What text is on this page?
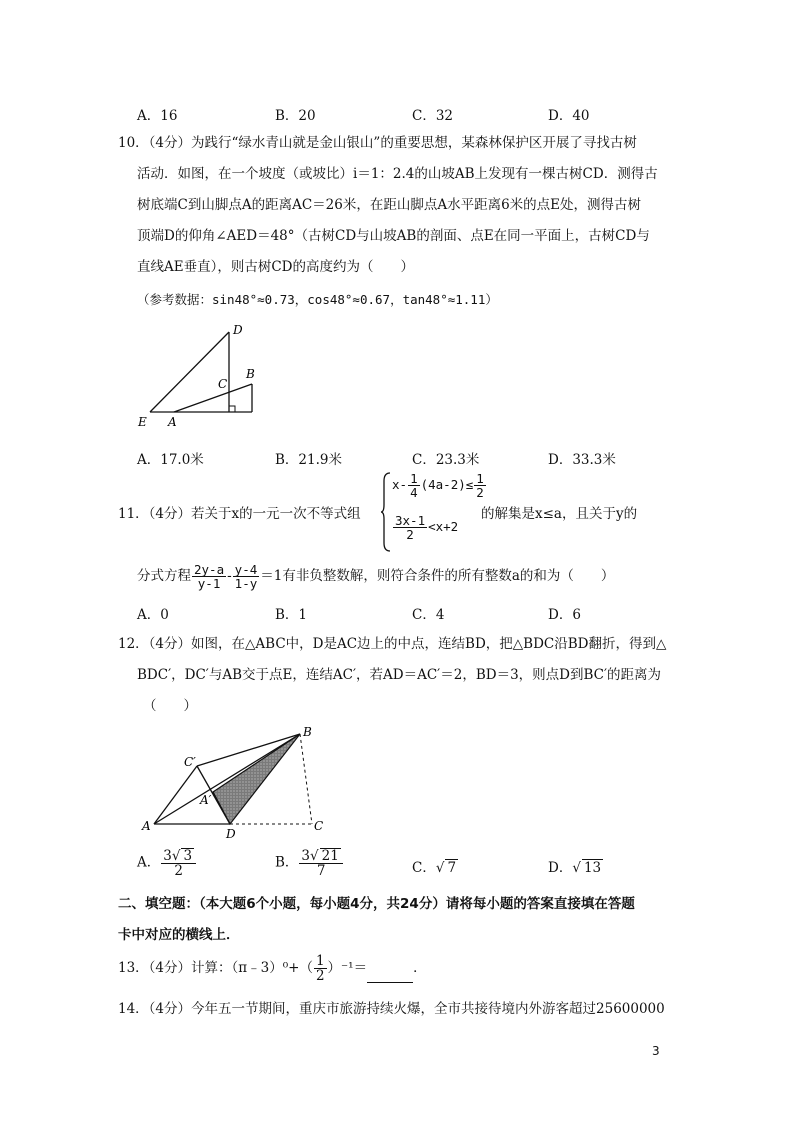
A．16	B．20	C．32	D．40
10．（4分）为践行“绿水青山就是金山银山”的重要思想，某森林保护区开展了寻找古树
活动．如图，在一个坡度（或坡比）i＝1：2.4的山坡AB上发现有一棵古树CD．测得古
树底端C到山脚点A的距离AC＝26米，在距山脚点A水平距离6米的点E处，测得古树
顶端D的仰角∠AED＝48°（古树CD与山坡AB的剖面、点E在同一平面上，古树CD与
直线AE垂直），则古树CD的高度约为（　　）
（参考数据：sin48°≈0.73，cos48°≈0.67，tan48°≈1.11）
D
C
B
E A
A．17.0米	B．21.9米	C．23.3米	D．33.3米
11．（4分）若关于x的一元一次不等式组
$x- \frac{1}{4} (4a-2)\le \frac{1}{2}$
$\frac{3x-1}{2} <x+2$
的解集是x≤a，且关于y的
分式方程 $\frac{2y-a}{y-1} - \frac{y-4}{1-y} =1$有非负整数解，则符合条件的所有整数a的和为（　　）
A．0	B．1	C．4	D．6
12．（4分）如图，在△ABC中，D是AC边上的中点，连结BD，把△BDC沿BD翻折，得到△
BDC′，DC′与AB交于点E，连结AC′，若AD＝AC′＝2，BD＝3，则点D到BC′的距离为
（　　）
B
C′
A′
A
D
C
A． $\frac{3√ 3}{2}$	B． $\frac{3√ 21}{7}$	C．√ 7	D．√ 13
二、填空题：（本大题6个小题，每小题4分，共24分）请将每小题的答案直接填在答题
卡中对应的横线上．
13．（4分）计算：（π﹣3）⁰+（ $\frac{1}{2} )^{-1}=$	．
14．（4分）今年五一节期间，重庆市旅游持续火爆，全市共接待境内外游客超过25600000
3
